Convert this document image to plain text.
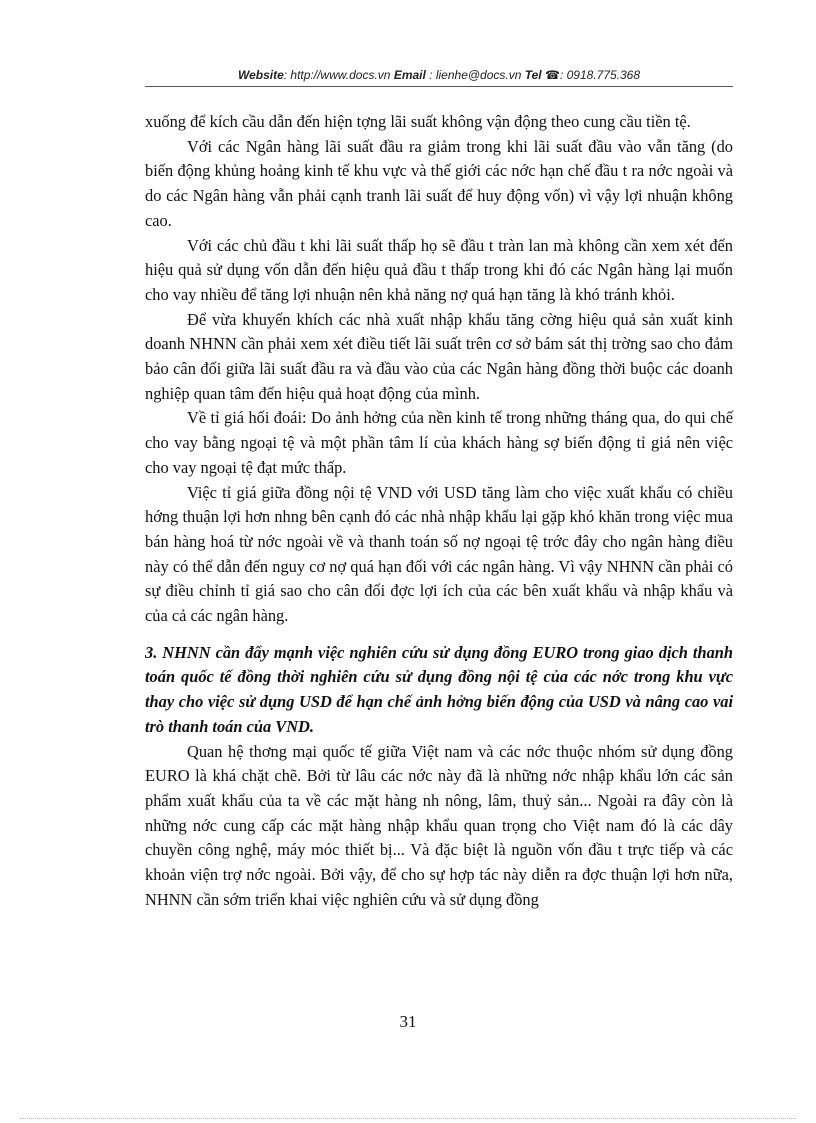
Website: http://www.docs.vn Email : lienhe@docs.vn Tel ☎: 0918.775.368

xuống để kích cầu dẫn đến hiện tợng lãi suất không vận động theo cung cầu tiền tệ.

Với các Ngân hàng lãi suất đầu ra giảm trong khi lãi suất đầu vào vẫn tăng (do biến động khủng hoảng kinh tế khu vực và thế giới các nớc hạn chế đầu t ra nớc ngoài và do các Ngân hàng vẫn phải cạnh tranh lãi suất để huy động vốn) vì vậy lợi nhuận không cao.

Với các chủ đầu t khi lãi suất thấp họ sẽ đầu t tràn lan mà không cần xem xét đến hiệu quả sử dụng vốn dẫn đến hiệu quả đầu t thấp trong khi đó các Ngân hàng lại muốn cho vay nhiều để tăng lợi nhuận nên khả năng nợ quá hạn tăng là khó tránh khỏi.

Để vừa khuyến khích các nhà xuất nhập khẩu tăng cờng hiệu quả sản xuất kinh doanh NHNN cần phải xem xét điều tiết lãi suất trên cơ sở bám sát thị trờng sao cho đảm bảo cân đối giữa lãi suất đầu ra và đầu vào của các Ngân hàng đồng thời buộc các doanh nghiệp quan tâm đến hiệu quả hoạt động của mình.

Về tỉ giá hối đoái: Do ảnh hởng của nền kinh tế trong những tháng qua, do qui chế cho vay bằng ngoại tệ và một phần tâm lí của khách hàng sợ biến động tỉ giá nên việc cho vay ngoại tệ đạt mức thấp.

Việc tỉ giá giữa đồng nội tệ VND với USD tăng làm cho việc xuất khẩu có chiều hớng thuận lợi hơn nhng bên cạnh đó các nhà nhập khẩu lại gặp khó khăn trong việc mua bán hàng hoá từ nớc ngoài về và thanh toán số nợ ngoại tệ trớc đây cho ngân hàng điều này có thể dẫn đến nguy cơ nợ quá hạn đối với các ngân hàng. Vì vậy NHNN cần phải có sự điều chỉnh tỉ giá sao cho cân đối đợc lợi ích của các bên xuất khẩu và nhập khẩu và của cả các ngân hàng.

3. NHNN cần đẩy mạnh việc nghiên cứu sử dụng đồng EURO trong giao dịch thanh toán quốc tế đồng thời nghiên cứu sử dụng đồng nội tệ của các nớc trong khu vực thay cho việc sử dụng USD để hạn chế ảnh hởng biến động của USD và nâng cao vai trò thanh toán của VND.

Quan hệ thơng mại quốc tế giữa Việt nam và các nớc thuộc nhóm sử dụng đồng EURO là khá chặt chẽ. Bởi từ lâu các nớc này đã là những nớc nhập khẩu lớn các sản phẩm xuất khẩu của ta về các mặt hàng nh nông, lâm, thuỷ sản... Ngoài ra đây còn là những nớc cung cấp các mặt hàng nhập khẩu quan trọng cho Việt nam đó là các dây chuyền công nghệ, máy móc thiết bị... Và đặc biệt là nguồn vốn đầu t trực tiếp và các khoản viện trợ nớc ngoài. Bởi vậy, để cho sự hợp tác này diễn ra đợc thuận lợi hơn nữa, NHNN cần sớm triển khai việc nghiên cứu và sử dụng đồng

31
